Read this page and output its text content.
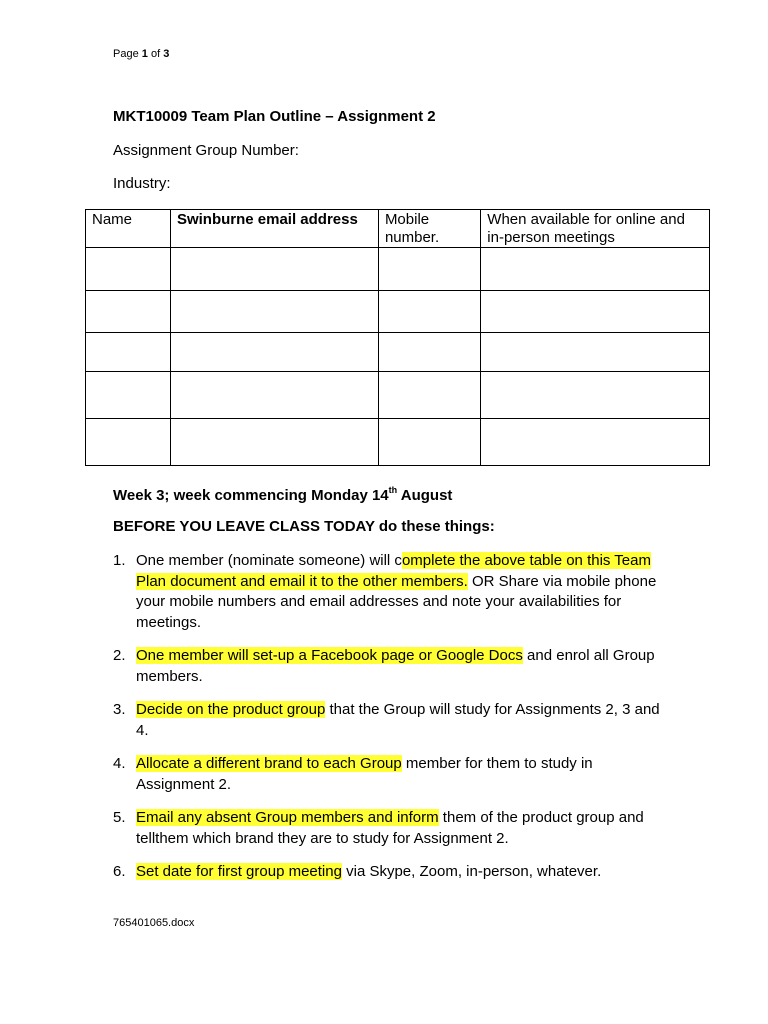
Page 1 of 3
MKT10009 Team Plan Outline – Assignment 2
Assignment Group Number:
Industry:
Name	Swinburne email address	Mobile number.	When available for online and in-person meetings

Week 3; week commencing Monday 14th August
BEFORE YOU LEAVE CLASS TODAY do these things:
1. One member (nominate someone) will complete the above table on this Team Plan document and email it to the other members. OR Share via mobile phone your mobile numbers and email addresses and note your availabilities for meetings.
2. One member will set-up a Facebook page or Google Docs and enrol all Group members.
3. Decide on the product group that the Group will study for Assignments 2, 3 and 4.
4. Allocate a different brand to each Group member for them to study in Assignment 2.
5. Email any absent Group members and inform them of the product group and tellthem which brand they are to study for Assignment 2.
6. Set date for first group meeting via Skype, Zoom, in-person, whatever.
765401065.docx
